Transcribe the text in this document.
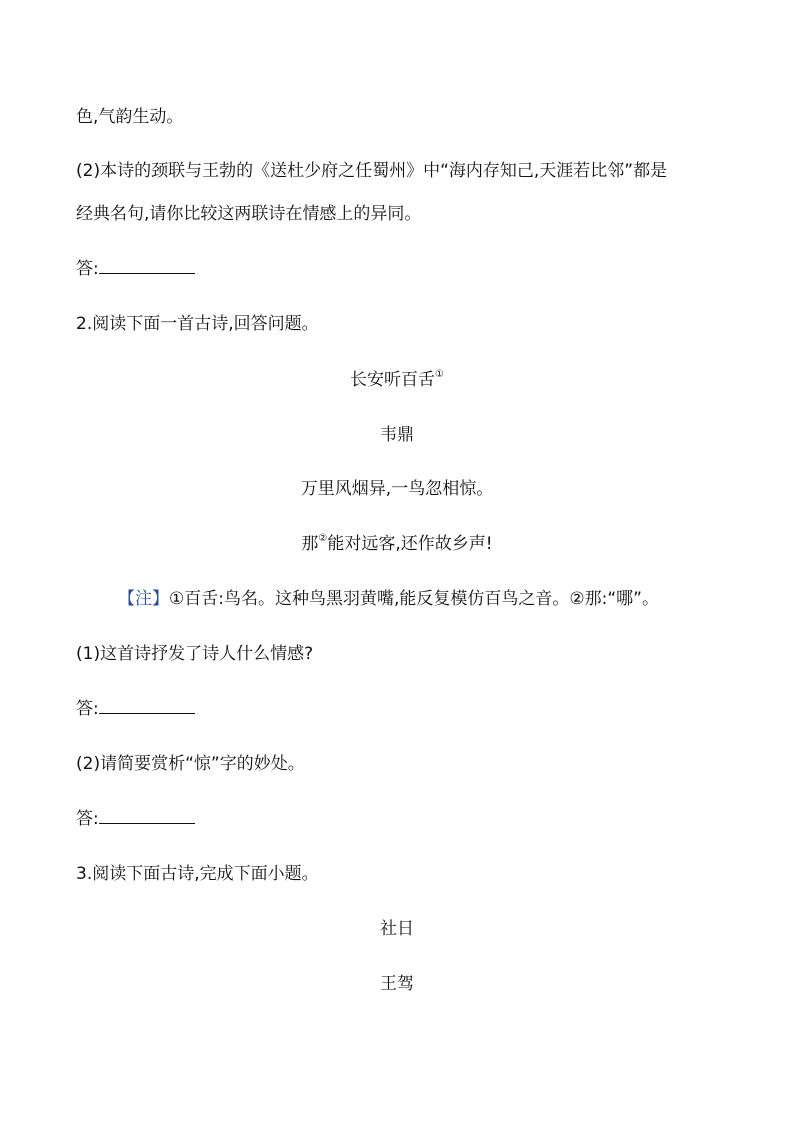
色,气韵生动。
(2)本诗的颈联与王勃的《送杜少府之任蜀州》中“海内存知己,天涯若比邻”都是
经典名句,请你比较这两联诗在情感上的异同。
答:
2.阅读下面一首古诗,回答问题。
长安听百舌①
韦鼎
万里风烟异,一鸟忽相惊。
那②能对远客,还作故乡声!
【注】①百舌:鸟名。这种鸟黑羽黄嘴,能反复模仿百鸟之音。②那:“哪”。
(1)这首诗抒发了诗人什么情感?
答:
(2)请简要赏析“惊”字的妙处。
答:
3.阅读下面古诗,完成下面小题。
社日
王驾
